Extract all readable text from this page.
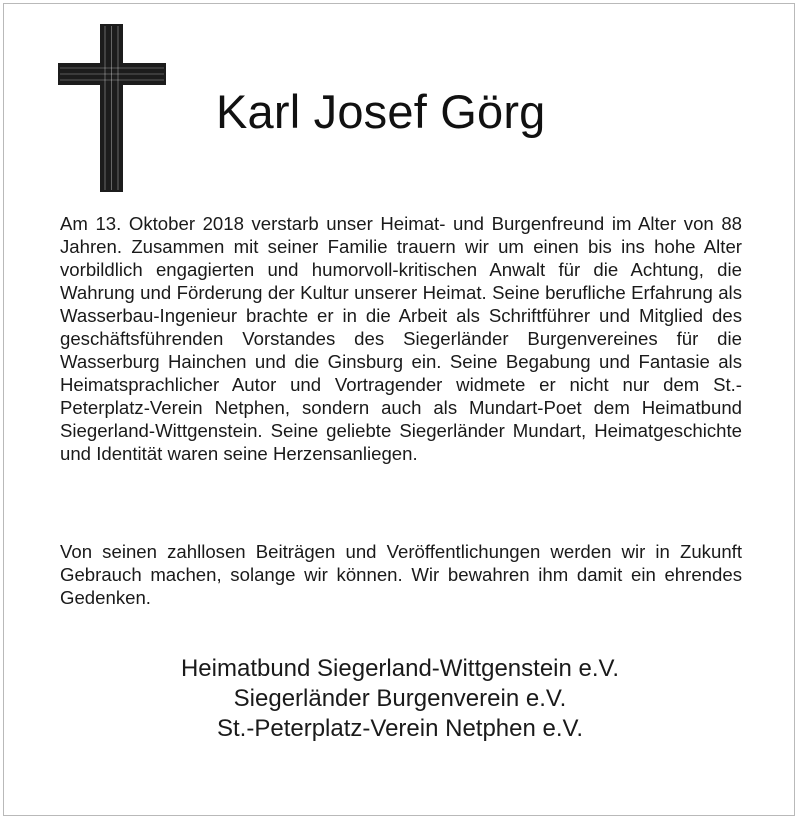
Karl Josef Görg

Am 13. Oktober 2018 verstarb unser Heimat- und Burgenfreund im Alter von 88 Jahren. Zusammen mit seiner Familie trauern wir um einen bis ins hohe Alter vorbildlich engagierten und humorvoll-kritischen Anwalt für die Achtung, die Wahrung und Förderung der Kultur unserer Heimat. Seine berufliche Erfahrung als Wasserbau-Ingenieur brachte er in die Arbeit als Schriftführer und Mitglied des geschäftsführenden Vorstandes des Siegerländer Burgenvereines für die Wasserburg Hainchen und die Ginsburg ein. Seine Begabung und Fantasie als Heimatsprachlicher Autor und Vortragender widmete er nicht nur dem St.-Peterplatz-Verein Netphen, sondern auch als Mundart-Poet dem Heimatbund Siegerland-Wittgenstein. Seine geliebte Siegerländer Mundart, Heimatgeschichte und Identität waren seine Herzensanliegen.

Von seinen zahllosen Beiträgen und Veröffentlichungen werden wir in Zukunft Gebrauch machen, solange wir können. Wir bewahren ihm damit ein ehrendes Gedenken.

Heimatbund Siegerland-Wittgenstein e.V.
Siegerländer Burgenverein e.V.
St.-Peterplatz-Verein Netphen e.V.
